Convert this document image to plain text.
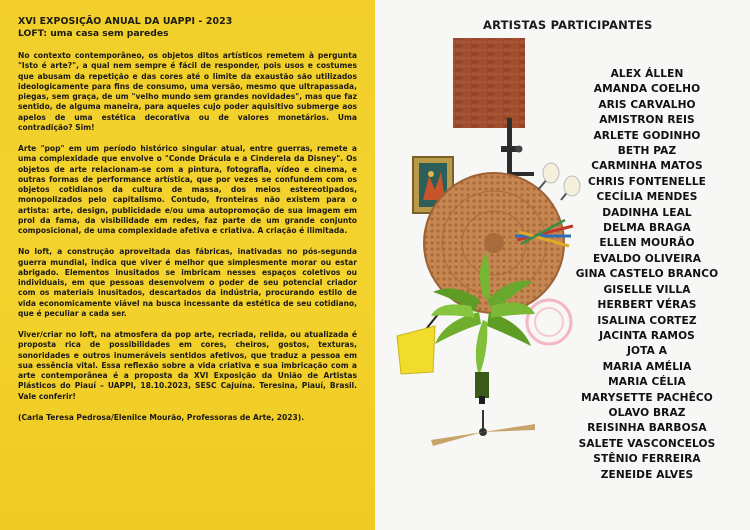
XVI EXPOSIÇÃO ANUAL DA UAPPI - 2023
LOFT: uma casa sem paredes

No contexto contemporâneo, os objetos ditos artísticos remetem à pergunta "Isto é arte?", a qual nem sempre é fácil de responder, pois usos e costumes que abusam da repetição e das cores até o limite da exaustão são utilizados ideologicamente para fins de consumo, uma versão, mesmo que ultrapassada, piegas, sem graça, de um "velho mundo sem grandes novidades", mas que faz sentido, de alguma maneira, para aqueles cujo poder aquisitivo submerge aos apelos de uma estética decorativa ou de valores monetários. Uma contradição? Sim!

Arte "pop" em um período histórico singular atual, entre guerras, remete a uma complexidade que envolve o "Conde Drácula e a Cinderela da Disney". Os objetos de arte relacionam-se com a pintura, fotografia, vídeo e cinema, e outras formas de performance artística, que por vezes se confundem com os objetos cotidianos da cultura de massa, dos meios estereotipados, monopolizados pelo capitalismo. Contudo, fronteiras não existem para o artista: arte, design, publicidade e/ou uma autopromoção de sua imagem em prol da fama, da visibilidade em redes, faz parte de um grande conjunto composicional, de uma complexidade afetiva e criativa. A criação é ilimitada.

No loft, a construção aproveitada das fábricas, inativadas no pós-segunda guerra mundial, indica que viver é melhor que simplesmente morar ou estar abrigado. Elementos inusitados se imbricam nesses espaços coletivos ou individuais, em que pessoas desenvolvem o poder de seu potencial criador com os materiais inusitados, descartados da indústria, procurando estilo de vida economicamente viável na busca incessante da estética de seu cotidiano, que é peculiar a cada ser.

Viver/criar no loft, na atmosfera da pop arte, recriada, relida, ou atualizada é proposta rica de possibilidades em cores, cheiros, gostos, texturas, sonoridades e outros inumeráveis sentidos afetivos, que traduz a pessoa em sua essência vital. Essa reflexão sobre a vida criativa e sua imbricação com a arte contemporânea é a proposta da XVI Exposição da União de Artistas Plásticos do Piauí – UAPPI, 18.10.2023, SESC Cajuína. Teresina, Piauí, Brasil. Vale conferir!

(Carla Teresa Pedrosa/Elenilce Mourão, Professoras de Arte, 2023).

ARTISTAS PARTICIPANTES
ALEX ÁLLEN
AMANDA COELHO
ARIS CARVALHO
AMISTRON REIS
ARLETE GODINHO
BETH PAZ
CARMINHA MATOS
CHRIS FONTENELLE
CECÍLIA MENDES
DADINHA LEAL
DELMA BRAGA
ELLEN MOURÃO
EVALDO OLIVEIRA
GINA CASTELO BRANCO
GISELLE VILLA
HERBERT VÉRAS
ISALINA CORTEZ
JACINTA RAMOS
JOTA A
MARIA AMÉLIA
MARIA CÉLIA
MARYSETTE PACHÊCO
OLAVO BRAZ
REISINHA BARBOSA
SALETE VASCONCELOS
STÊNIO FERREIRA
ZENEIDE ALVES
